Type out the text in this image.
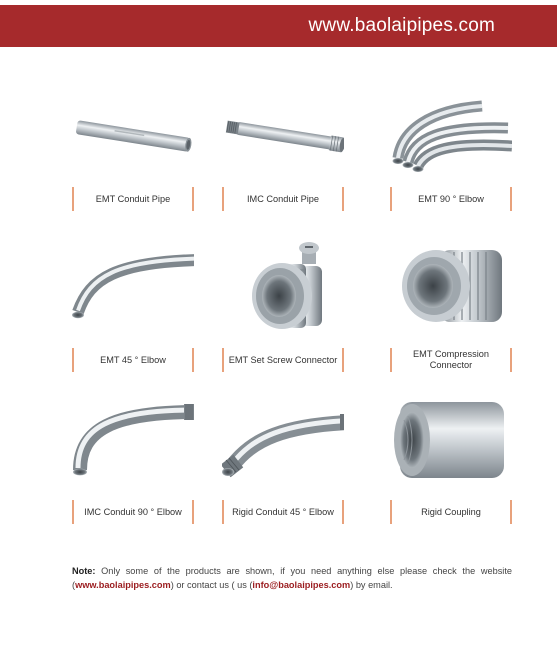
www.baolaipipes.com
EMT Conduit Pipe	IMC Conduit Pipe	EMT 90 ° Elbow
EMT 45 ° Elbow	EMT Set Screw Connector
EMT Compression Connector
IMC Conduit 90 ° Elbow	Rigid Conduit 45 ° Elbow	Rigid Coupling
Note: Only some of the products are shown, if you need anything else please check the website (www.baolaipipes.com) or contact us ( us (info@baolaipipes.com) by email.
